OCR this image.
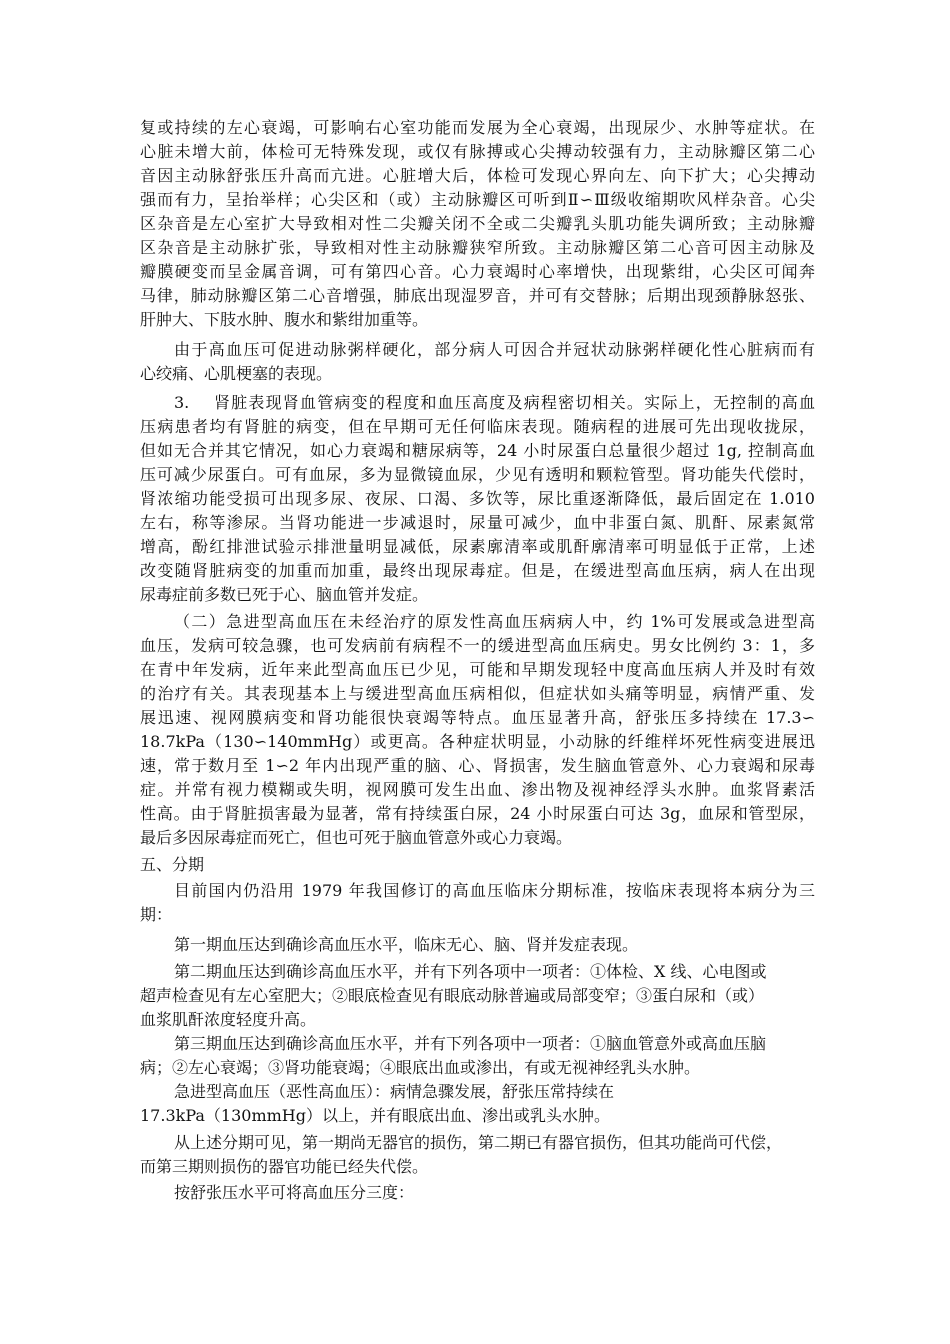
复或持续的左心衰竭，可影响右心室功能而发展为全心衰竭，出现尿少、水肿等症状。在
心脏未增大前，体检可无特殊发现，或仅有脉搏或心尖搏动较强有力，主动脉瓣区第二心
音因主动脉舒张压升高而亢进。心脏增大后，体检可发现心界向左、向下扩大；心尖搏动
强而有力，呈抬举样；心尖区和（或）主动脉瓣区可听到Ⅱ∽Ⅲ级收缩期吹风样杂音。心尖
区杂音是左心室扩大导致相对性二尖瓣关闭不全或二尖瓣乳头肌功能失调所致；主动脉瓣
区杂音是主动脉扩张，导致相对性主动脉瓣狭窄所致。主动脉瓣区第二心音可因主动脉及
瓣膜硬变而呈金属音调，可有第四心音。心力衰竭时心率增快，出现紫绀，心尖区可闻奔
马律，肺动脉瓣区第二心音增强，肺底出现湿罗音，并可有交替脉；后期出现颈静脉怒张、
肝肿大、下肢水肿、腹水和紫绀加重等。
由于高血压可促进动脉粥样硬化，部分病人可因合并冠状动脉粥样硬化性心脏病而有
心绞痛、心肌梗塞的表现。
3.　 肾脏表现肾血管病变的程度和血压高度及病程密切相关。实际上，无控制的高血
压病患者均有肾脏的病变，但在早期可无任何临床表现。随病程的进展可先出现收拢尿，
但如无合并其它情况，如心力衰竭和糖尿病等，24 小时尿蛋白总量很少超过 1g, 控制高血
压可减少尿蛋白。可有血尿，多为显微镜血尿，少见有透明和颗粒管型。肾功能失代偿时，
肾浓缩功能受损可出现多尿、夜尿、口渴、多饮等，尿比重逐渐降低，最后固定在 1.010
左右，称等渗尿。当肾功能进一步减退时，尿量可减少，血中非蛋白氮、肌酐、尿素氮常
增高，酚红排泄试验示排泄量明显减低，尿素廓清率或肌酐廓清率可明显低于正常，上述
改变随肾脏病变的加重而加重，最终出现尿毒症。但是，在缓进型高血压病，病人在出现
尿毒症前多数已死于心、脑血管并发症。
（二）急进型高血压在未经治疗的原发性高血压病病人中，约 1%可发展或急进型高
血压，发病可较急骤，也可发病前有病程不一的缓进型高血压病史。男女比例约 3：1，多
在青中年发病，近年来此型高血压已少见，可能和早期发现轻中度高血压病人并及时有效
的治疗有关。其表现基本上与缓进型高血压病相似，但症状如头痛等明显，病情严重、发
展迅速、视网膜病变和肾功能很快衰竭等特点。血压显著升高，舒张压多持续在 17.3∽
18.7kPa（130∽140mmHg）或更高。各种症状明显，小动脉的纤维样坏死性病变进展迅
速，常于数月至 1∽2 年内出现严重的脑、心、肾损害，发生脑血管意外、心力衰竭和尿毒
症。并常有视力模糊或失明，视网膜可发生出血、渗出物及视神经浮头水肿。血浆肾素活
性高。由于肾脏损害最为显著，常有持续蛋白尿，24 小时尿蛋白可达 3g，血尿和管型尿，
最后多因尿毒症而死亡，但也可死于脑血管意外或心力衰竭。
五、分期
目前国内仍沿用 1979 年我国修订的高血压临床分期标准，按临床表现将本病分为三
期：
第一期血压达到确诊高血压水平，临床无心、脑、肾并发症表现。
第二期血压达到确诊高血压水平，并有下列各项中一项者：①体检、X 线、心电图或
超声检查见有左心室肥大；②眼底检查见有眼底动脉普遍或局部变窄；③蛋白尿和（或）
血浆肌酐浓度轻度升高。
第三期血压达到确诊高血压水平，并有下列各项中一项者：①脑血管意外或高血压脑
病；②左心衰竭；③肾功能衰竭；④眼底出血或渗出，有或无视神经乳头水肿。
急进型高血压（恶性高血压）：病情急骤发展，舒张压常持续在
17.3kPa（130mmHg）以上，并有眼底出血、渗出或乳头水肿。
从上述分期可见，第一期尚无器官的损伤，第二期已有器官损伤，但其功能尚可代偿，
而第三期则损伤的器官功能已经失代偿。
按舒张压水平可将高血压分三度：
